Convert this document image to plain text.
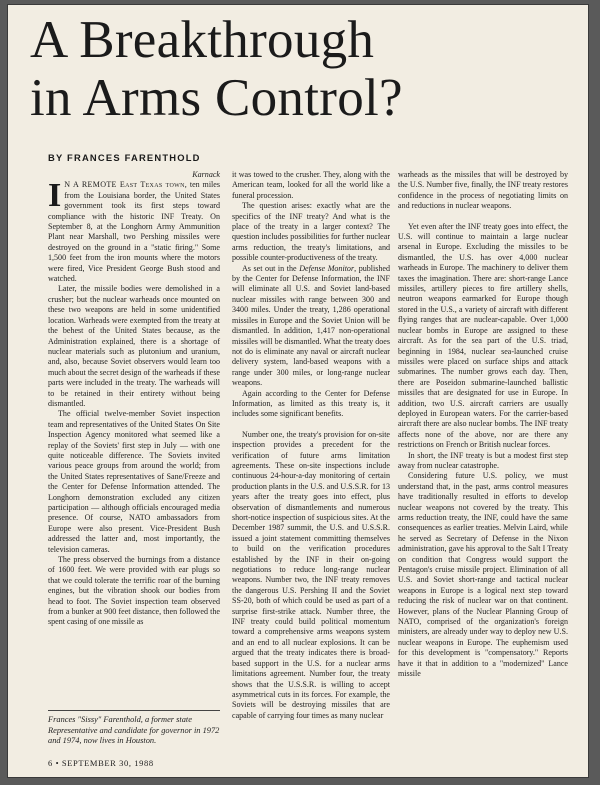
A Breakthrough
in Arms Control?
BY FRANCES FARENTHOLD

Karnack

I N A REMOTE East Texas town, ten miles from the Louisiana border, the United States government took its first steps toward compliance with the historic INF Treaty. On September 8, at the Longhorn Army Ammunition Plant near Marshall, two Pershing missiles were destroyed on the ground in a "static firing." Some 1,500 feet from the iron mounts where the motors were fired, Vice President George Bush stood and watched.

Later, the missile bodies were demolished in a crusher; but the nuclear warheads once mounted on these two weapons are held in some unidentified location. Warheads were exempted from the treaty at the behest of the United States because, as the Administration explained, there is a shortage of nuclear materials such as plutonium and uranium, and, also, because Soviet observers would learn too much about the secret design of the warheads if these parts were included in the treaty. The warheads will to be retained in their entirety without being dismantled.

The official twelve-member Soviet inspection team and representatives of the United States On Site Inspection Agency monitored what seemed like a replay of the Soviets' first step in July — with one quite noticeable difference. The Soviets invited various peace groups from around the world; from the United States representatives of Sane/Freeze and the Center for Defense Information attended. The Longhorn demonstration excluded any citizen participation — although officials encouraged media presence. Of course, NATO ambassadors from Europe were also present. Vice-President Bush addressed the latter and, most importantly, the television cameras.

The press observed the burnings from a distance of 1600 feet. We were provided with ear plugs so that we could tolerate the terrific roar of the burning engines, but the vibration shook our bodies from head to foot. The Soviet inspection team observed from a bunker at 900 feet distance, then followed the spent casing of one missile as

Frances "Sissy" Farenthold, a former state Representative and candidate for governor in 1972 and 1974, now lives in Houston.
6 • SEPTEMBER 30, 1988

it was towed to the crusher. They, along with the American team, looked for all the world like a funeral procession.

The question arises: exactly what are the specifics of the INF treaty? And what is the place of the treaty in a larger context? The question includes possibilities for further nuclear arms reduction, the treaty's limitations, and possible counter-productiveness of the treaty.

As set out in the Defense Monitor, published by the Center for Defense Information, the INF will eliminate all U.S. and Soviet land-based nuclear missiles with range between 300 and 3400 miles. Under the treaty, 1,286 operational missiles in Europe and the Soviet Union will be dismantled. In addition, 1,417 non-operational missiles will be dismantled. What the treaty does not do is eliminate any naval or aircraft nuclear delivery system, land-based weapons with a range under 300 miles, or long-range nuclear weapons.

Again according to the Center for Defense Information, as limited as this treaty is, it includes some significant benefits.

Number one, the treaty's provision for on-site inspection provides a precedent for the verification of future arms limitation agreements. These on-site inspections include continuous 24-hour-a-day monitoring of certain production plants in the U.S. and U.S.S.R. for 13 years after the treaty goes into effect, plus observation of dismantlements and numerous short-notice inspection of suspicious sites. At the December 1987 summit, the U.S. and U.S.S.R. issued a joint statement committing themselves to build on the verification procedures established by the INF in their on-going negotiations to reduce long-range nuclear weapons. Number two, the INF treaty removes the dangerous U.S. Pershing II and the Soviet SS-20, both of which could be used as part of a surprise first-strike attack. Number three, the INF treaty could build political momentum toward a comprehensive arms weapons system and an end to all nuclear explosions. It can be argued that the treaty indicates there is broad-based support in the U.S. for a nuclear arms limitations agreement. Number four, the treaty shows that the U.S.S.R. is willing to accept asymmetrical cuts in its forces. For example, the Soviets will be destroying missiles that are capable of carrying four times as many nuclear

warheads as the missiles that will be destroyed by the U.S. Number five, finally, the INF treaty restores confidence in the process of negotiating limits on and reductions in nuclear weapons.

Yet even after the INF treaty goes into effect, the U.S. will continue to maintain a large nuclear arsenal in Europe. Excluding the missiles to be dismantled, the U.S. has over 4,000 nuclear warheads in Europe. The machinery to deliver them taxes the imagination. There are: short-range Lance missiles, artillery pieces to fire artillery shells, neutron weapons earmarked for Europe though stored in the U.S., a variety of aircraft with different flying ranges that are nuclear-capable. Over 1,000 nuclear bombs in Europe are assigned to these aircraft. As for the sea part of the U.S. triad, beginning in 1984, nuclear sea-launched cruise missiles were placed on surface ships and attack submarines. The number grows each day. Then, there are Poseidon submarine-launched ballistic missiles that are designated for use in Europe. In addition, two U.S. aircraft carriers are usually deployed in European waters. For the carrier-based aircraft there are also nuclear bombs. The INF treaty affects none of the above, nor are there any restrictions on French or British nuclear forces.

In short, the INF treaty is but a modest first step away from nuclear catastrophe.

Considering future U.S. policy, we must understand that, in the past, arms control measures have traditionally resulted in efforts to develop nuclear weapons not covered by the treaty. This arms reduction treaty, the INF, could have the same consequences as earlier treaties. Melvin Laird, while he served as Secretary of Defense in the Nixon administration, gave his approval to the Salt I Treaty on condition that Congress would support the Pentagon's cruise missile project. Elimination of all U.S. and Soviet short-range and tactical nuclear weapons in Europe is a logical next step toward reducing the risk of nuclear war on that continent. However, plans of the Nuclear Planning Group of NATO, comprised of the organization's foreign ministers, are already under way to deploy new U.S. nuclear weapons in Europe. The euphemism used for this development is "compensatory." Reports have it that in addition to a "modernized" Lance missile
